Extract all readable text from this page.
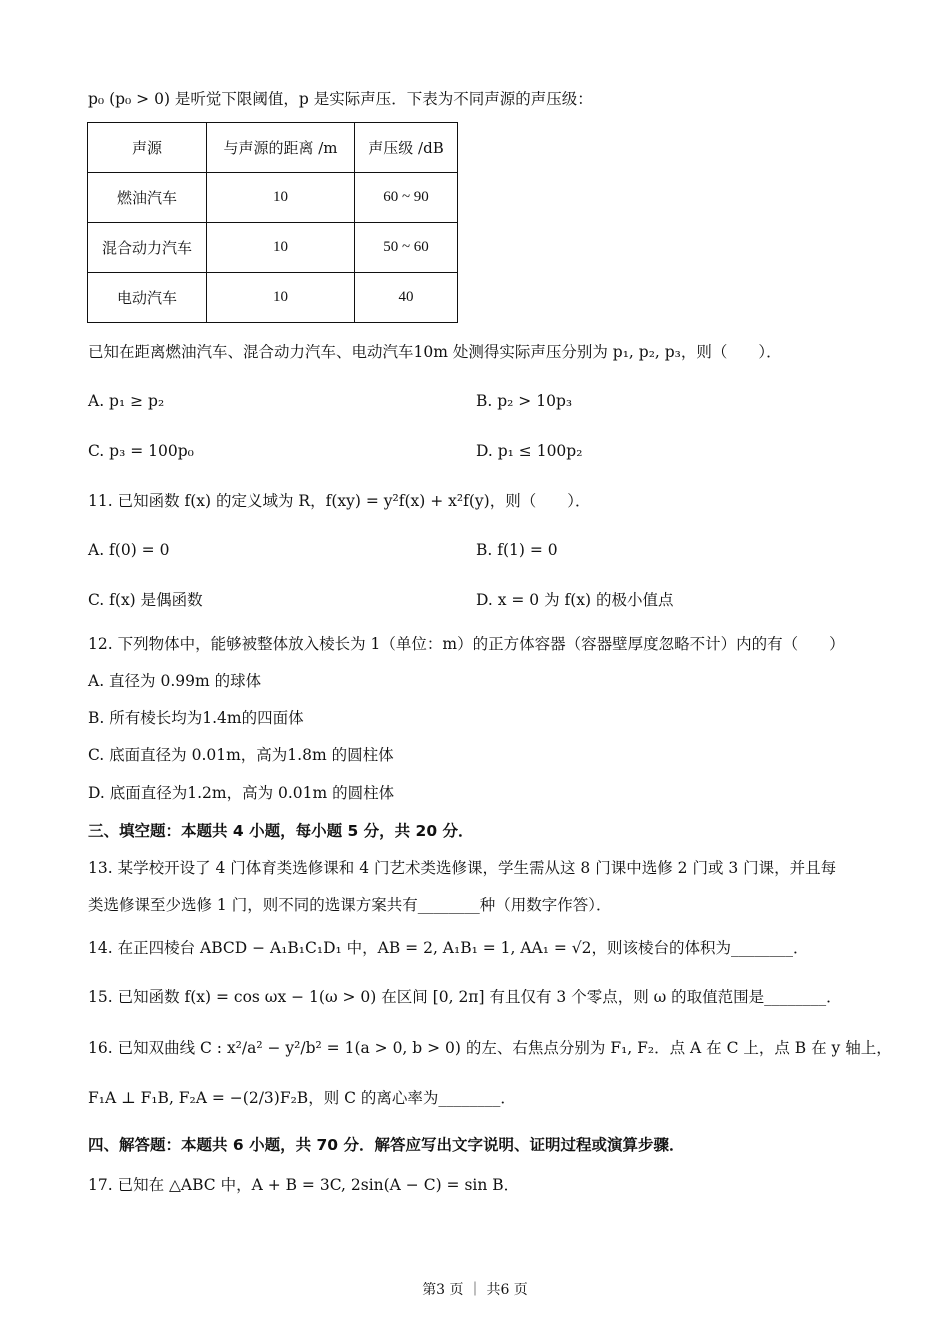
p₀ (p₀ > 0) 是听觉下限阈值，p 是实际声压．下表为不同声源的声压级：
声源	与声源的距离 /m	声压级 /dB
燃油汽车	10	60 ~ 90
混合动力汽车	10	50 ~ 60
电动汽车	10	40
已知在距离燃油汽车、混合动力汽车、电动汽车10m 处测得实际声压分别为 p₁, p₂, p₃，则（　　）．
A. p₁ ≥ p₂	B. p₂ > 10p₃
C. p₃ = 100p₀	D. p₁ ≤ 100p₂
11. 已知函数 f(x) 的定义域为 R，f(xy) = y²f(x) + x²f(y)，则（　　）．
A. f(0) = 0	B. f(1) = 0
C. f(x) 是偶函数	D. x = 0 为 f(x) 的极小值点
12. 下列物体中，能够被整体放入棱长为 1（单位：m）的正方体容器（容器壁厚度忽略不计）内的有（　　）
A. 直径为 0.99m 的球体
B. 所有棱长均为1.4m的四面体
C. 底面直径为 0.01m，高为1.8m 的圆柱体
D. 底面直径为1.2m，高为 0.01m 的圆柱体
三、填空题：本题共 4 小题，每小题 5 分，共 20 分．
13. 某学校开设了 4 门体育类选修课和 4 门艺术类选修课，学生需从这 8 门课中选修 2 门或 3 门课，并且每
类选修课至少选修 1 门，则不同的选课方案共有________种（用数字作答）．
14. 在正四棱台 ABCD − A₁B₁C₁D₁ 中，AB = 2, A₁B₁ = 1, AA₁ = √2，则该棱台的体积为________．
15. 已知函数 f(x) = cos ωx − 1(ω > 0) 在区间 [0, 2π] 有且仅有 3 个零点，则 ω 的取值范围是________．
16. 已知双曲线 C : x²/a² − y²/b² = 1(a > 0, b > 0) 的左、右焦点分别为 F₁, F₂．点 A 在 C 上，点 B 在 y 轴上，
F₁A ⊥ F₁B, F₂A = −(2/3)F₂B，则 C 的离心率为________．
四、解答题：本题共 6 小题，共 70 分．解答应写出文字说明、证明过程或演算步骤．
17. 已知在 △ABC 中，A + B = 3C, 2sin(A − C) = sin B．
第3 页 ｜ 共6 页
